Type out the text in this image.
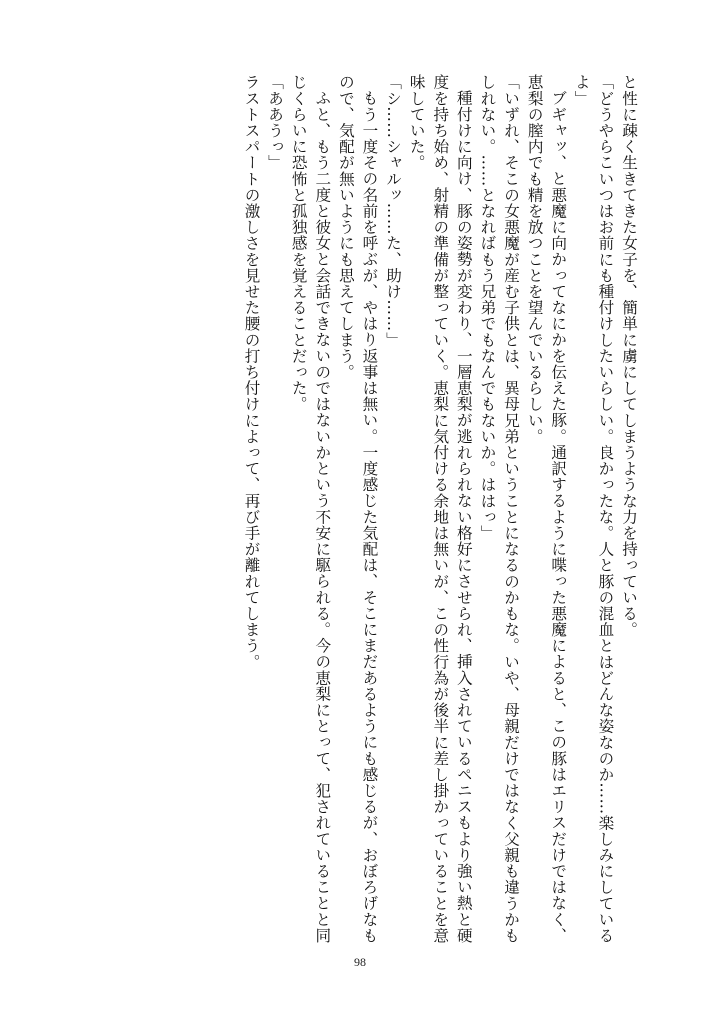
と性に疎く生きてきた女子を、簡単に虜にしてしまうような力を持っている。

「どうやらこいつはお前にも種付けしたいらしい。良かったな。人と豚の混血とはどんな姿なのか……楽しみにしているよ」

ブギャッ、と悪魔に向かってなにかを伝えた豚。通訳するように喋った悪魔によると、この豚はエリスだけではなく、恵梨の膣内でも精を放つことを望んでいるらしい。

「いずれ、そこの女悪魔が産む子供とは、異母兄弟ということになるのかもな。いや、母親だけではなく父親も違うかもしれない。……となればもう兄弟でもなんでもないか。ははっ」

種付けに向け、豚の姿勢が変わり、一層恵梨が逃れられない格好にさせられ、挿入されているペニスもより強い熱と硬度を持ち始め、射精の準備が整っていく。恵梨に気付ける余地は無いが、この性行為が後半に差し掛かっていることを意味していた。

「シ……シャルッ……た、助け……」

もう一度その名前を呼ぶが、やはり返事は無い。一度感じた気配は、そこにまだあるようにも感じるが、おぼろげなもので、気配が無いようにも思えてしまう。

ふと、もう二度と彼女と会話できないのではないかという不安に駆られる。今の恵梨にとって、犯されていることと同じくらいに恐怖と孤独感を覚えることだった。

「ああうっ」

ラストスパートの激しさを見せた腰の打ち付けによって、再び手が離れてしまう。

98
